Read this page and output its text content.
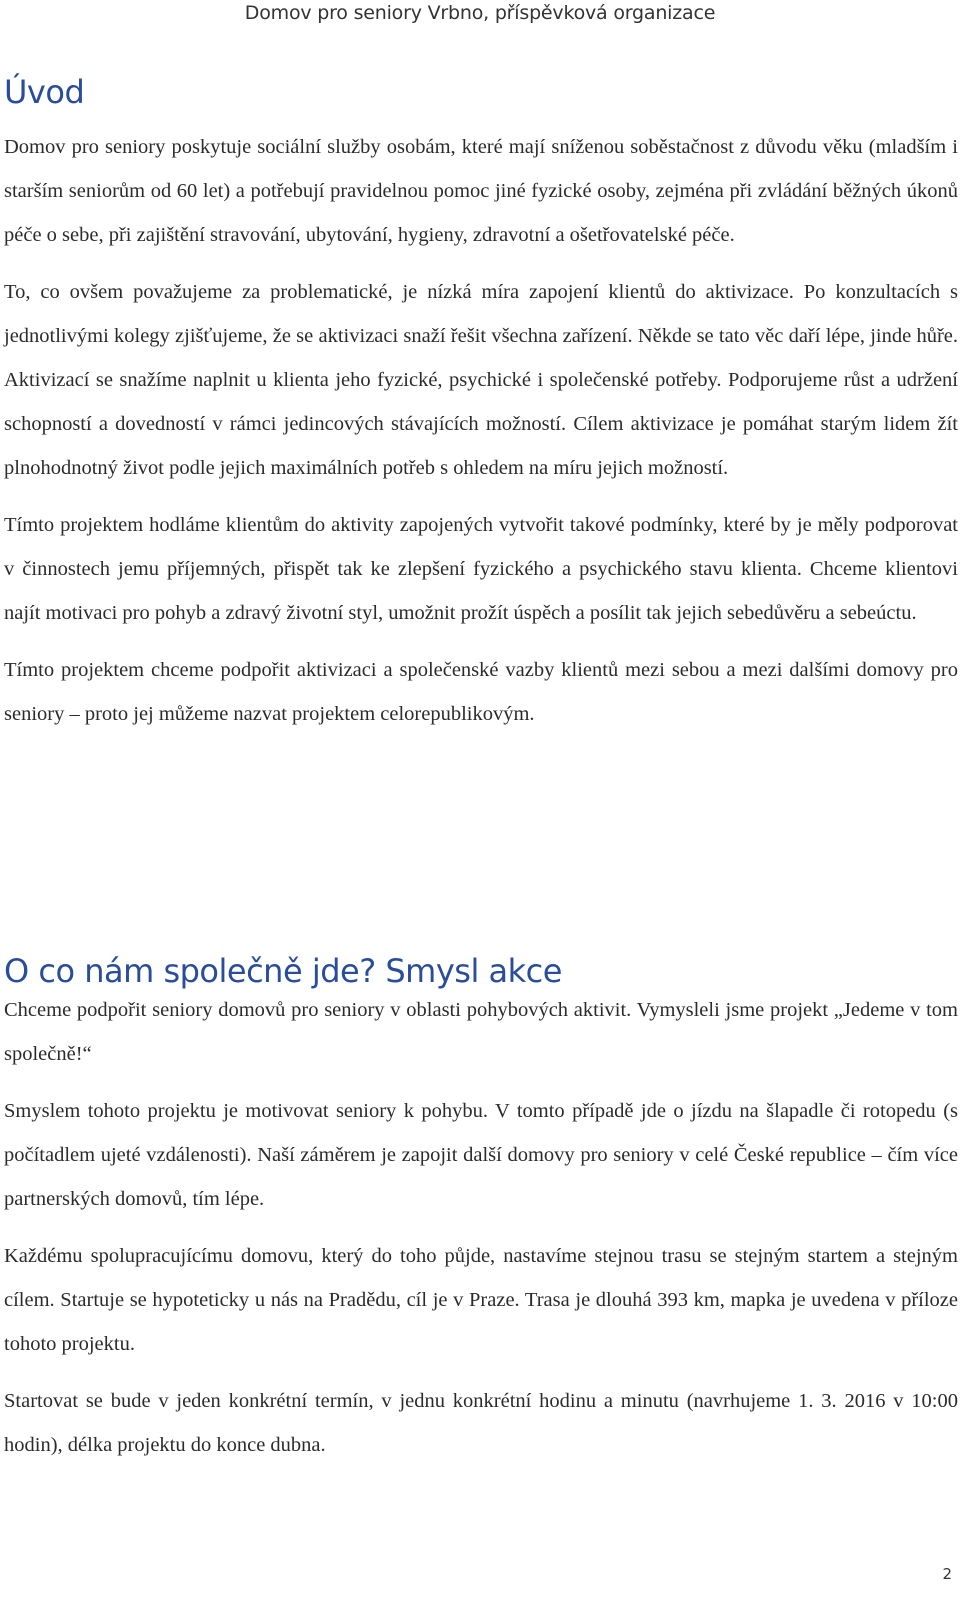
Domov pro seniory Vrbno, příspěvková organizace
Úvod

Domov pro seniory poskytuje sociální služby osobám, které mají sníženou soběstačnost z důvodu věku (mladším i starším seniorům od 60 let) a potřebují pravidelnou pomoc jiné fyzické osoby, zejména při zvládání běžných úkonů péče o sebe, při zajištění stravování, ubytování, hygieny, zdravotní a ošetřovatelské péče.

To, co ovšem považujeme za problematické, je nízká míra zapojení klientů do aktivizace. Po konzultacích s jednotlivými kolegy zjišťujeme, že se aktivizaci snaží řešit všechna zařízení. Někde se tato věc daří lépe, jinde hůře. Aktivizací se snažíme naplnit u klienta jeho fyzické, psychické i společenské potřeby. Podporujeme růst a udržení schopností a dovedností v rámci jedincových stávajících možností. Cílem aktivizace je pomáhat starým lidem žít plnohodnotný život podle jejich maximálních potřeb s ohledem na míru jejich možností.

Tímto projektem hodláme klientům do aktivity zapojených vytvořit takové podmínky, které by je měly podporovat v činnostech jemu příjemných, přispět tak ke zlepšení fyzického a psychického stavu klienta. Chceme klientovi najít motivaci pro pohyb a zdravý životní styl, umožnit prožít úspěch a posílit tak jejich sebedůvěru a sebeúctu.

Tímto projektem chceme podpořit aktivizaci a společenské vazby klientů mezi sebou a mezi dalšími domovy pro seniory – proto jej můžeme nazvat projektem celorepublikovým.

O co nám společně jde? Smysl akce

Chceme podpořit seniory domovů pro seniory v oblasti pohybových aktivit. Vymysleli jsme projekt „Jedeme v tom společně!“

Smyslem tohoto projektu je motivovat seniory k pohybu. V tomto případě jde o jízdu na šlapadle či rotopedu (s počítadlem ujeté vzdálenosti). Naší záměrem je zapojit další domovy pro seniory v celé České republice – čím více partnerských domovů, tím lépe.

Každému spolupracujícímu domovu, který do toho půjde, nastavíme stejnou trasu se stejným startem a stejným cílem. Startuje se hypoteticky u nás na Pradědu, cíl je v Praze. Trasa je dlouhá 393 km, mapka je uvedena v příloze tohoto projektu.

Startovat se bude v jeden konkrétní termín, v jednu konkrétní hodinu a minutu (navrhujeme 1. 3. 2016 v 10:00 hodin), délka projektu do konce dubna.

2
